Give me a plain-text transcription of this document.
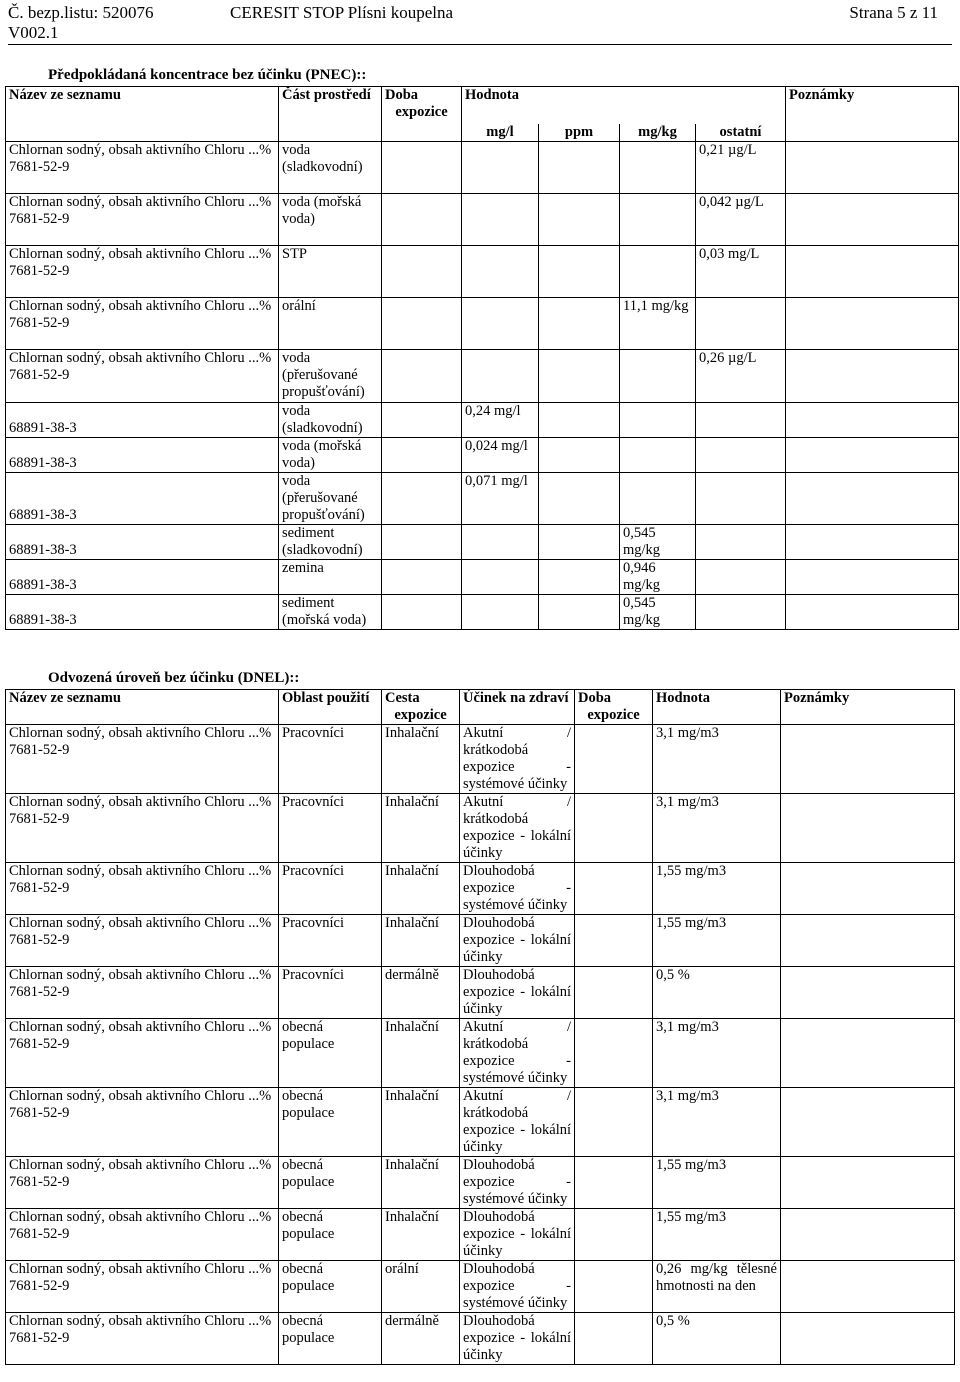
Č. bezp.listu: 520076
V002.1
CERESIT STOP Plísni koupelna	Strana 5 z 11
Předpokládaná koncentrace bez účinku (PNEC)::
Název ze seznamu	Část prostředí	Doba

expozice	Hodnota				Poznámky
			mg/l	ppm	mg/kg	ostatní	
Chlornan sodný, obsah aktivního Chloru ...% 7681-52-9	voda (sladkovodní)					0,21 µg/L	
Chlornan sodný, obsah aktivního Chloru ...% 7681-52-9	voda (mořská voda)					0,042 µg/L	
Chlornan sodný, obsah aktivního Chloru ...% 7681-52-9	STP					0,03 mg/L	
Chlornan sodný, obsah aktivního Chloru ...% 7681-52-9	orální				11,1 mg/kg		
Chlornan sodný, obsah aktivního Chloru ...% 7681-52-9	voda (přerušované propušťování)					0,26 µg/L	
68891-38-3	voda (sladkovodní)		0,24 mg/l				
68891-38-3	voda (mořská voda)		0,024 mg/l				
68891-38-3	voda (přerušované propušťování)		0,071 mg/l				
68891-38-3	sediment (sladkovodní)				0,545 mg/kg		
68891-38-3	zemina				0,946 mg/kg		
68891-38-3	sediment (mořská voda)				0,545 mg/kg		
Odvozená úroveň bez účinku (DNEL)::
Název ze seznamu	Oblast použití	Cesta

expozice	Účinek na zdraví	Doba

expozice	Hodnota	Poznámky
Chlornan sodný, obsah aktivního Chloru ...% 7681-52-9	Pracovníci	Inhalační	Akutní / krátkodobá expozice - systémové účinky		3,1 mg/m3	
Chlornan sodný, obsah aktivního Chloru ...% 7681-52-9	Pracovníci	Inhalační	Akutní / krátkodobá expozice - lokální účinky		3,1 mg/m3	
Chlornan sodný, obsah aktivního Chloru ...% 7681-52-9	Pracovníci	Inhalační	Dlouhodobá expozice - systémové účinky		1,55 mg/m3	
Chlornan sodný, obsah aktivního Chloru ...% 7681-52-9	Pracovníci	Inhalační	Dlouhodobá expozice - lokální účinky		1,55 mg/m3	
Chlornan sodný, obsah aktivního Chloru ...% 7681-52-9	Pracovníci	dermálně	Dlouhodobá expozice - lokální účinky		0,5 %	
Chlornan sodný, obsah aktivního Chloru ...% 7681-52-9	obecná populace	Inhalační	Akutní / krátkodobá expozice - systémové účinky		3,1 mg/m3	
Chlornan sodný, obsah aktivního Chloru ...% 7681-52-9	obecná populace	Inhalační	Akutní / krátkodobá expozice - lokální účinky		3,1 mg/m3	
Chlornan sodný, obsah aktivního Chloru ...% 7681-52-9	obecná populace	Inhalační	Dlouhodobá expozice - systémové účinky		1,55 mg/m3	
Chlornan sodný, obsah aktivního Chloru ...% 7681-52-9	obecná populace	Inhalační	Dlouhodobá expozice - lokální účinky		1,55 mg/m3	
Chlornan sodný, obsah aktivního Chloru ...% 7681-52-9	obecná populace	orální	Dlouhodobá expozice - systémové účinky		0,26 mg/kg tělesné hmotnosti na den	
Chlornan sodný, obsah aktivního Chloru ...% 7681-52-9	obecná populace	dermálně	Dlouhodobá expozice - lokální účinky		0,5 %	
